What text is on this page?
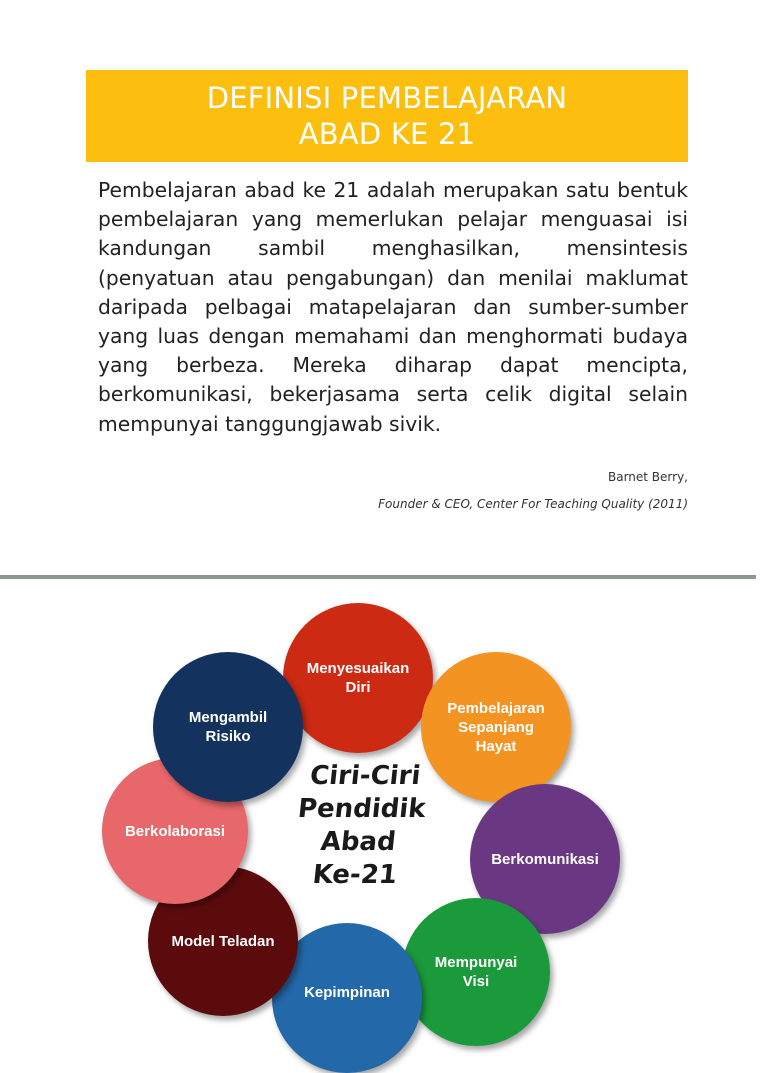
DEFINISI PEMBELAJARAN
ABAD KE 21

Pembelajaran abad ke 21 adalah merupakan satu bentuk pembelajaran yang memerlukan pelajar menguasai isi kandungan sambil menghasilkan, mensintesis (penyatuan atau pengabungan) dan menilai maklumat daripada pelbagai matapelajaran dan sumber-sumber yang luas dengan memahami dan menghormati budaya yang berbeza. Mereka diharap dapat mencipta, berkomunikasi, bekerjasama serta celik digital selain mempunyai tanggungjawab sivik.

Barnet Berry,
Founder & CEO, Center For Teaching Quality (2011)
Menyesuaikan
Diri
Pembelajaran
Sepanjang
Hayat
Berkomunikasi
Mempunyai
Visi
Kepimpinan
Model Teladan
Berkolaborasi
Mengambil
Risiko
Ciri-Ciri
Pendidik
Abad
Ke-21
